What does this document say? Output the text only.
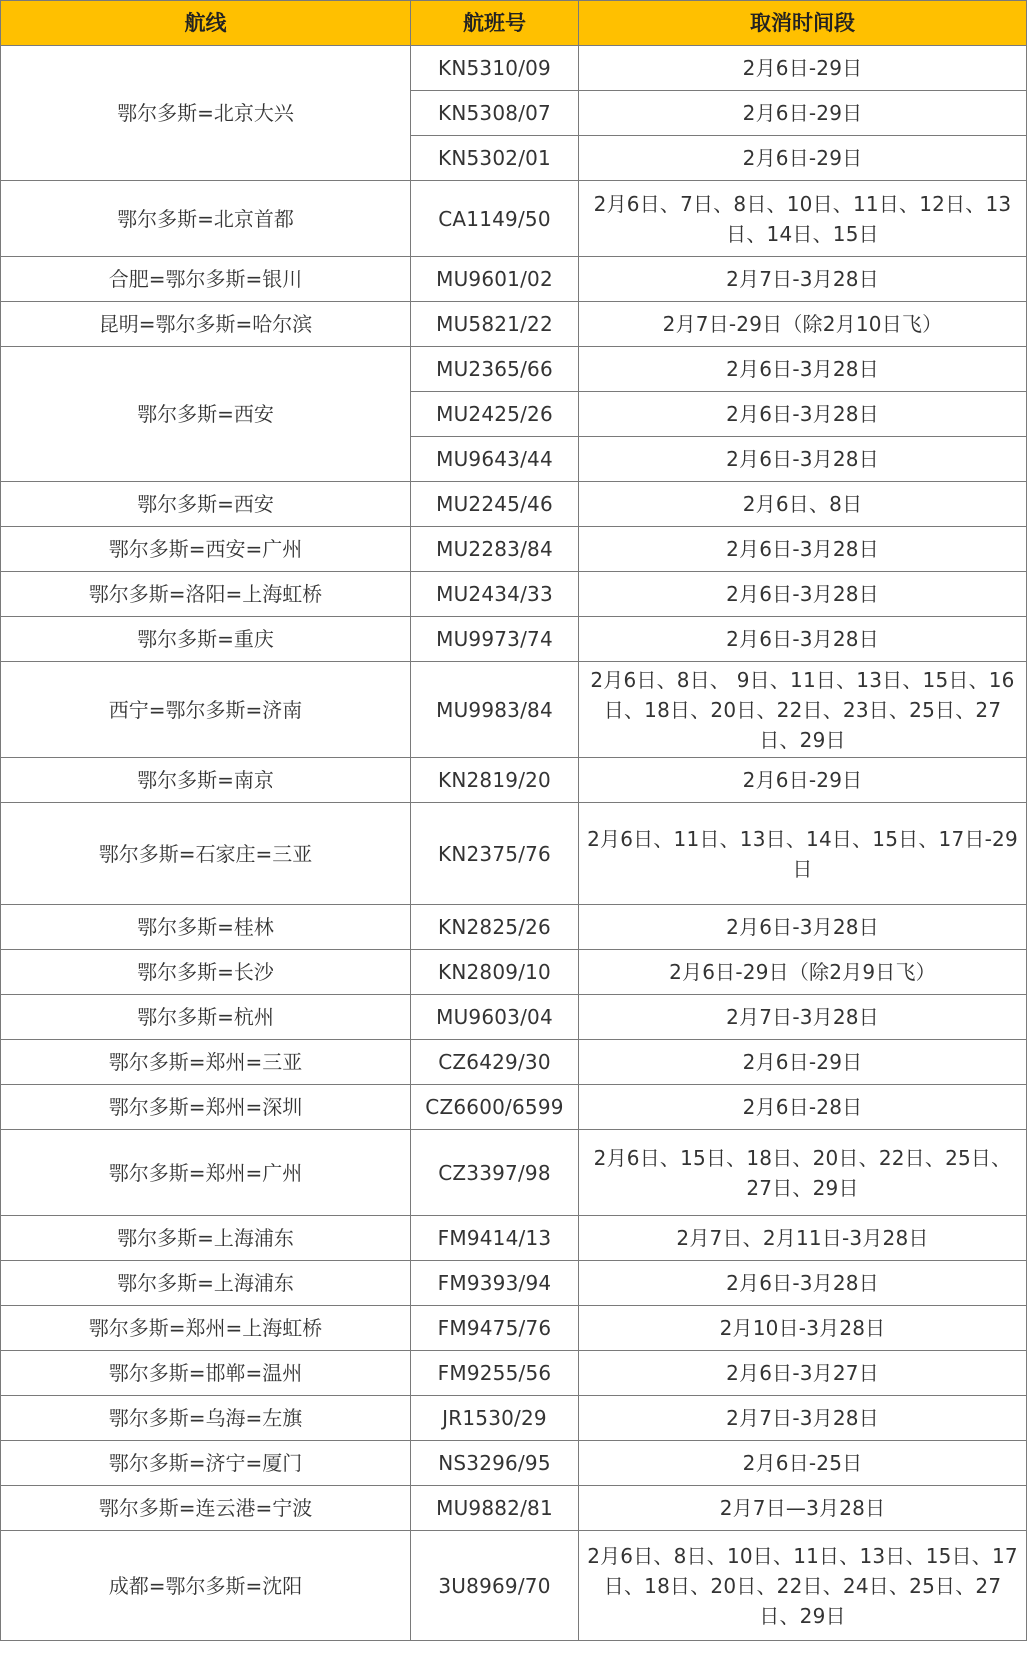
航线	航班号	取消时间段
鄂尔多斯=北京大兴	KN5310/09	2月6日-29日
	KN5308/07	2月6日-29日
	KN5302/01	2月6日-29日
鄂尔多斯=北京首都	CA1149/50	2月6日、7日、8日、10日、11日、12日、13日、14日、15日
合肥=鄂尔多斯=银川	MU9601/02	2月7日-3月28日
昆明=鄂尔多斯=哈尔滨	MU5821/22	2月7日-29日（除2月10日飞）
鄂尔多斯=西安	MU2365/66	2月6日-3月28日
	MU2425/26	2月6日-3月28日
	MU9643/44	2月6日-3月28日
鄂尔多斯=西安	MU2245/46	2月6日、8日
鄂尔多斯=西安=广州	MU2283/84	2月6日-3月28日
鄂尔多斯=洛阳=上海虹桥	MU2434/33	2月6日-3月28日
鄂尔多斯=重庆	MU9973/74	2月6日-3月28日
西宁=鄂尔多斯=济南	MU9983/84	2月6日、8日、 9日、11日、13日、15日、16日、18日、20日、22日、23日、25日、27日、29日
鄂尔多斯=南京	KN2819/20	2月6日-29日
鄂尔多斯=石家庄=三亚	KN2375/76	2月6日、11日、13日、14日、15日、17日-29日
鄂尔多斯=桂林	KN2825/26	2月6日-3月28日
鄂尔多斯=长沙	KN2809/10	2月6日-29日（除2月9日飞）
鄂尔多斯=杭州	MU9603/04	2月7日-3月28日
鄂尔多斯=郑州=三亚	CZ6429/30	2月6日-29日
鄂尔多斯=郑州=深圳	CZ6600/6599	2月6日-28日
鄂尔多斯=郑州=广州	CZ3397/98	2月6日、15日、18日、20日、22日、25日、27日、29日
鄂尔多斯=上海浦东	FM9414/13	2月7日、2月11日-3月28日
鄂尔多斯=上海浦东	FM9393/94	2月6日-3月28日
鄂尔多斯=郑州=上海虹桥	FM9475/76	2月10日-3月28日
鄂尔多斯=邯郸=温州	FM9255/56	2月6日-3月27日
鄂尔多斯=乌海=左旗	JR1530/29	2月7日-3月28日
鄂尔多斯=济宁=厦门	NS3296/95	2月6日-25日
鄂尔多斯=连云港=宁波	MU9882/81	2月7日—3月28日
成都=鄂尔多斯=沈阳	3U8969/70	2月6日、8日、10日、11日、13日、15日、17日、18日、20日、22日、24日、25日、27日、29日
